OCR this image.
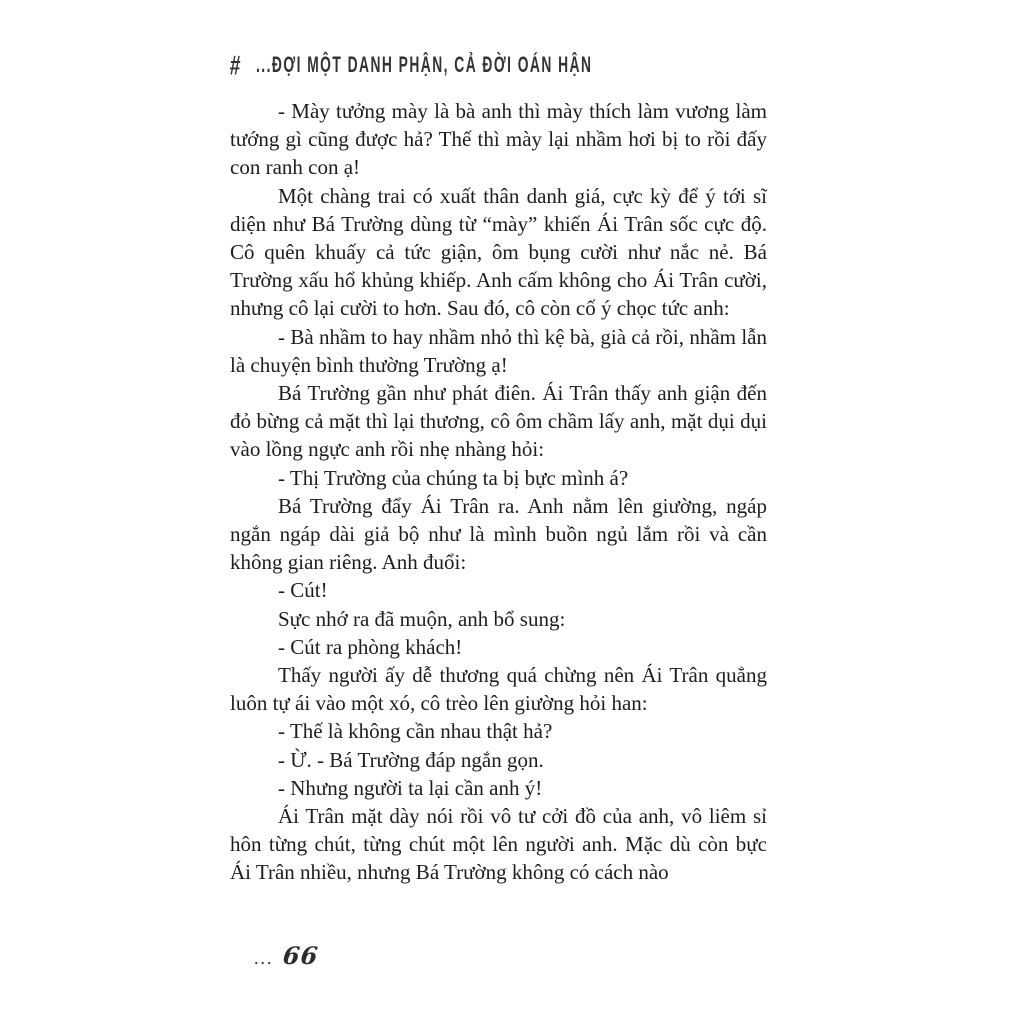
# ...ĐỢI MỘT DANH PHẬN, CẢ ĐỜI OÁN HẬN

- Mày tưởng mày là bà anh thì mày thích làm vương làm tướng gì cũng được hả? Thế thì mày lại nhầm hơi bị to rồi đấy con ranh con ạ!

Một chàng trai có xuất thân danh giá, cực kỳ để ý tới sĩ diện như Bá Trường dùng từ “mày” khiến Ái Trân sốc cực độ. Cô quên khuấy cả tức giận, ôm bụng cười như nắc nẻ. Bá Trường xấu hổ khủng khiếp. Anh cấm không cho Ái Trân cười, nhưng cô lại cười to hơn. Sau đó, cô còn cố ý chọc tức anh:

- Bà nhầm to hay nhầm nhỏ thì kệ bà, già cả rồi, nhầm lẫn là chuyện bình thường Trường ạ!

Bá Trường gần như phát điên. Ái Trân thấy anh giận đến đỏ bừng cả mặt thì lại thương, cô ôm chầm lấy anh, mặt dụi dụi vào lồng ngực anh rồi nhẹ nhàng hỏi:

- Thị Trường của chúng ta bị bực mình á?

Bá Trường đẩy Ái Trân ra. Anh nằm lên giường, ngáp ngắn ngáp dài giả bộ như là mình buồn ngủ lắm rồi và cần không gian riêng. Anh đuổi:

- Cút!

Sực nhớ ra đã muộn, anh bổ sung:

- Cút ra phòng khách!

Thấy người ấy dễ thương quá chừng nên Ái Trân quẳng luôn tự ái vào một xó, cô trèo lên giường hỏi han:

- Thế là không cần nhau thật hả?

- Ừ. - Bá Trường đáp ngắn gọn.

- Nhưng người ta lại cần anh ý!

Ái Trân mặt dày nói rồi vô tư cởi đồ của anh, vô liêm sỉ hôn từng chút, từng chút một lên người anh. Mặc dù còn bực Ái Trân nhiều, nhưng Bá Trường không có cách nào

... 66
